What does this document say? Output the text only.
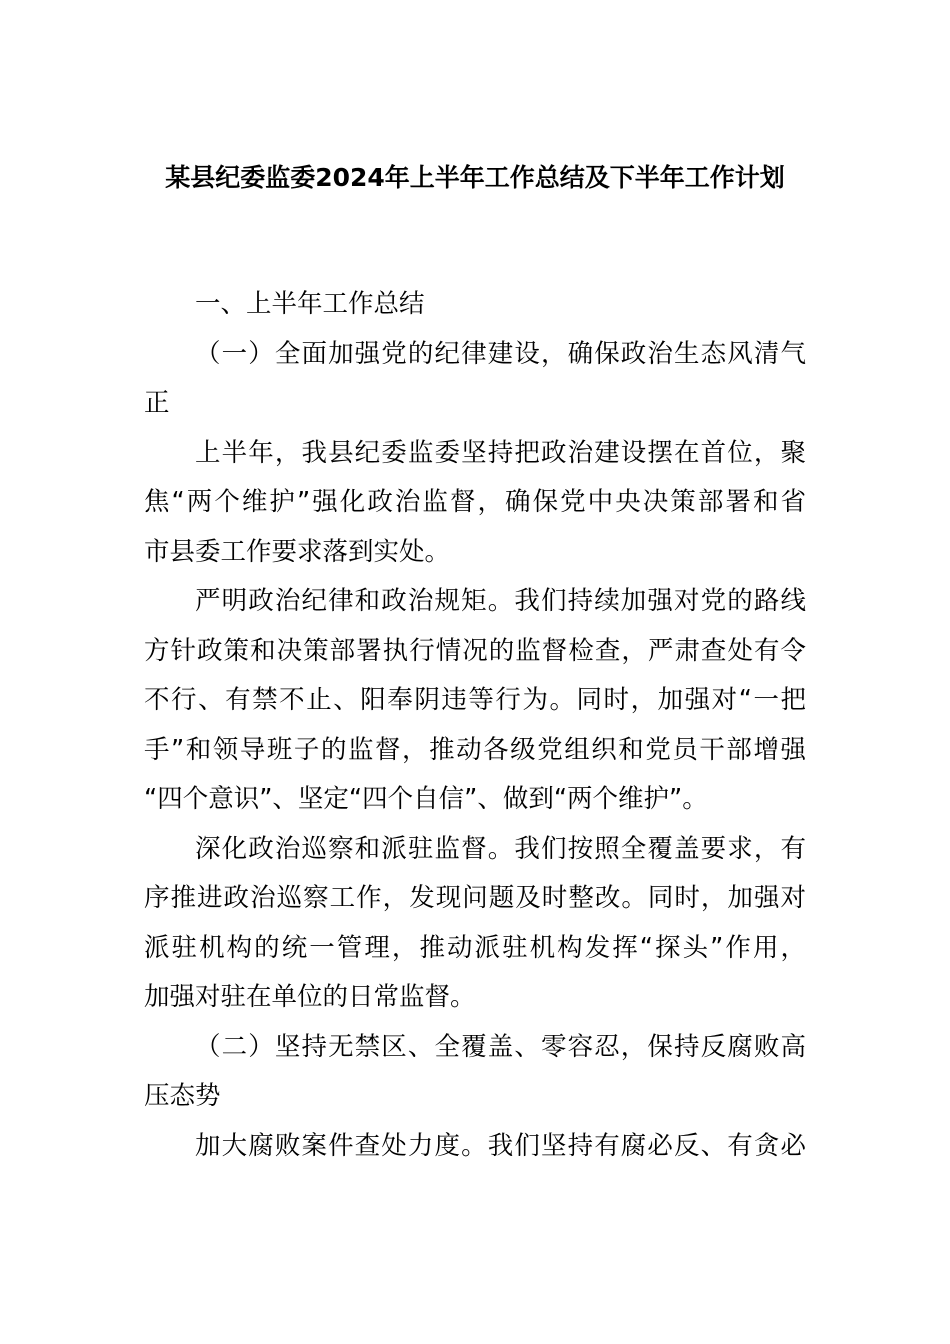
某县纪委监委2024年上半年工作总结及下半年工作计划
一、上半年工作总结
（一）全面加强党的纪律建设，确保政治生态风清气
正
上半年，我县纪委监委坚持把政治建设摆在首位，聚
焦“两个维护”强化政治监督，确保党中央决策部署和省
市县委工作要求落到实处。
严明政治纪律和政治规矩。我们持续加强对党的路线
方针政策和决策部署执行情况的监督检查，严肃查处有令
不行、有禁不止、阳奉阴违等行为。同时，加强对“一把
手”和领导班子的监督，推动各级党组织和党员干部增强
“四个意识”、坚定“四个自信”、做到“两个维护”。
深化政治巡察和派驻监督。我们按照全覆盖要求，有
序推进政治巡察工作，发现问题及时整改。同时，加强对
派驻机构的统一管理，推动派驻机构发挥“探头”作用，
加强对驻在单位的日常监督。
（二）坚持无禁区、全覆盖、零容忍，保持反腐败高
压态势
加大腐败案件查处力度。我们坚持有腐必反、有贪必
